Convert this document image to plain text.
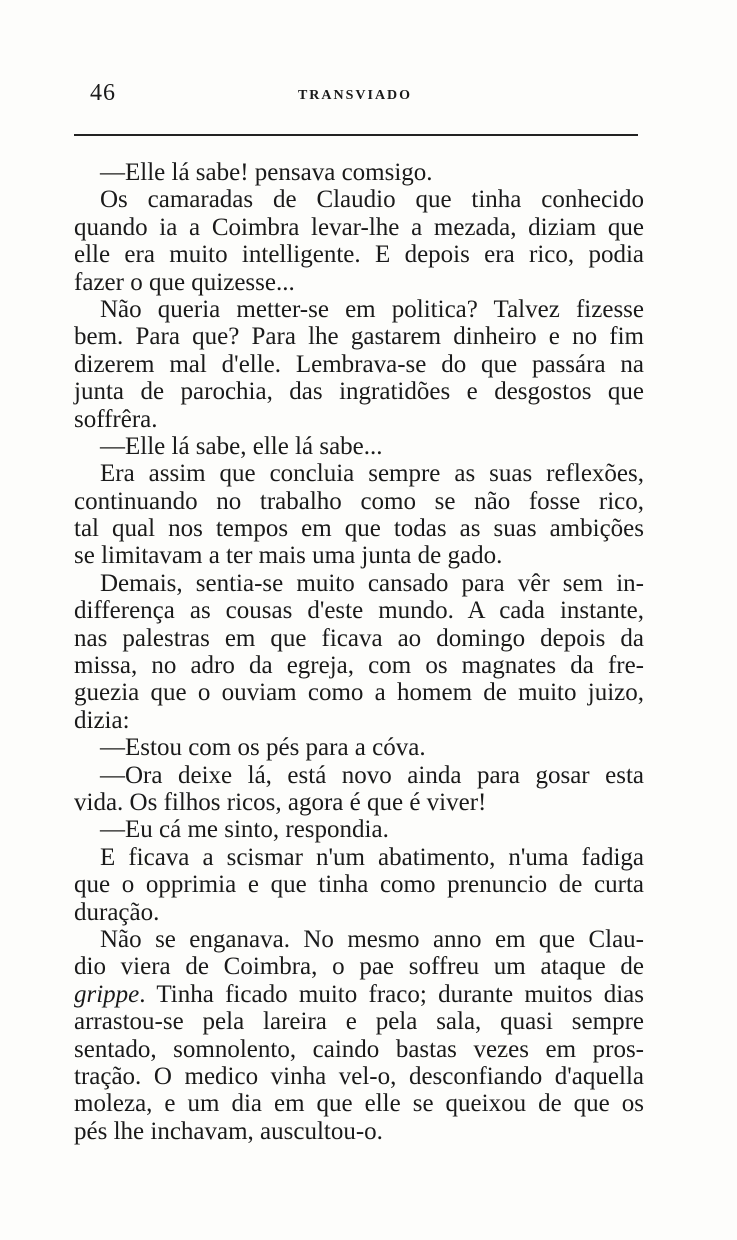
46	TRANSVIADO
—Elle lá sabe! pensava comsigo.
Os camaradas de Claudio que tinha conhecido
quando ia a Coimbra levar-lhe a mezada, diziam que
elle era muito intelligente. E depois era rico, podia
fazer o que quizesse...
Não queria metter-se em politica? Talvez fizesse
bem. Para que? Para lhe gastarem dinheiro e no fim
dizerem mal d'elle. Lembrava-se do que passára na
junta de parochia, das ingratidões e desgostos que
soffrêra.
—Elle lá sabe, elle lá sabe...
Era assim que concluia sempre as suas reflexões,
continuando no trabalho como se não fosse rico,
tal qual nos tempos em que todas as suas ambições
se limitavam a ter mais uma junta de gado.
Demais, sentia-se muito cansado para vêr sem in-
differença as cousas d'este mundo. A cada instante,
nas palestras em que ficava ao domingo depois da
missa, no adro da egreja, com os magnates da fre-
guezia que o ouviam como a homem de muito juizo,
dizia:
—Estou com os pés para a cóva.
—Ora deixe lá, está novo ainda para gosar esta
vida. Os filhos ricos, agora é que é viver!
—Eu cá me sinto, respondia.
E ficava a scismar n'um abatimento, n'uma fadiga
que o opprimia e que tinha como prenuncio de curta
duração.
Não se enganava. No mesmo anno em que Clau-
dio viera de Coimbra, o pae soffreu um ataque de
grippe. Tinha ficado muito fraco; durante muitos dias
arrastou-se pela lareira e pela sala, quasi sempre
sentado, somnolento, caindo bastas vezes em pros-
tração. O medico vinha vel-o, desconfiando d'aquella
moleza, e um dia em que elle se queixou de que os
pés lhe inchavam, auscultou-o.
